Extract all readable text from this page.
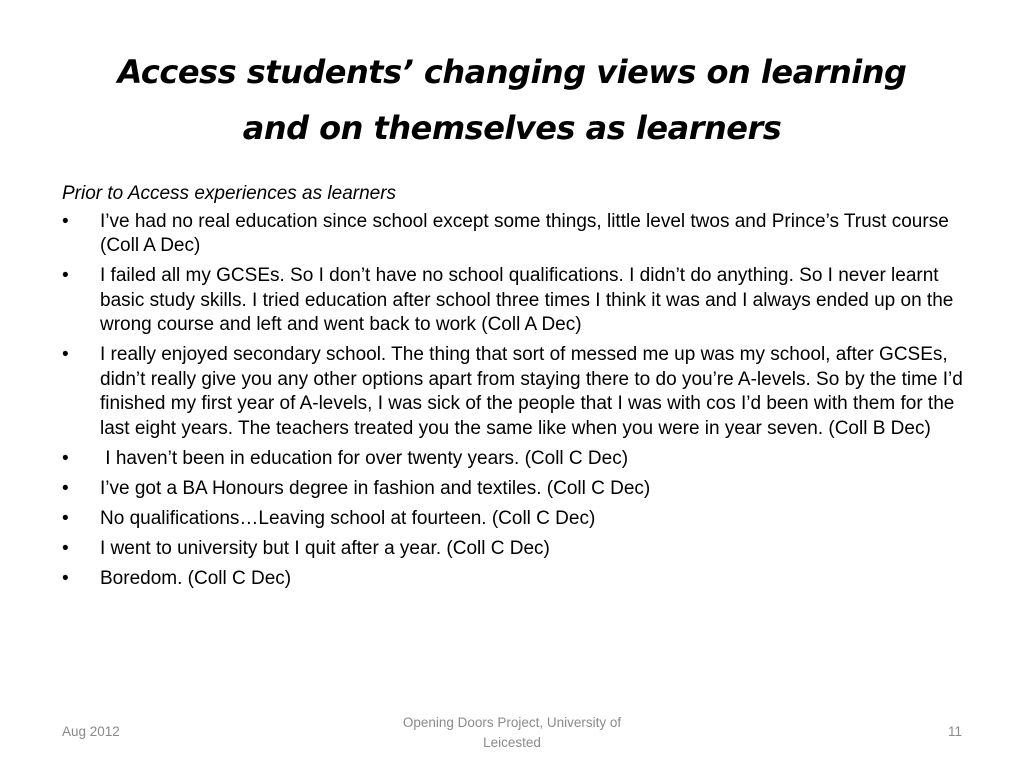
Access students’ changing views on learning
and on themselves as learners
Prior to Access experiences as learners
•	I’ve had no real education since school except some things, little level twos and Prince’s Trust course (Coll A Dec)
•	I failed all my GCSEs. So I don’t have no school qualifications. I didn’t do anything. So I never learnt basic study skills. I tried education after school three times I think it was and I always ended up on the wrong course and left and went back to work (Coll A Dec)
•	I really enjoyed secondary school. The thing that sort of messed me up was my school, after GCSEs, didn’t really give you any other options apart from staying there to do you’re A-levels. So by the time I’d finished my first year of A-levels, I was sick of the people that I was with cos I’d been with them for the last eight years. The teachers treated you the same like when you were in year seven. (Coll B Dec)
•	I haven’t been in education for over twenty years. (Coll C Dec)
•	I’ve got a BA Honours degree in fashion and textiles. (Coll C Dec)
•	No qualifications…Leaving school at fourteen. (Coll C Dec)
•	I went to university but I quit after a year. (Coll C Dec)
•	Boredom. (Coll C Dec)
Aug 2012
Opening Doors Project, University of
Leicested
11
